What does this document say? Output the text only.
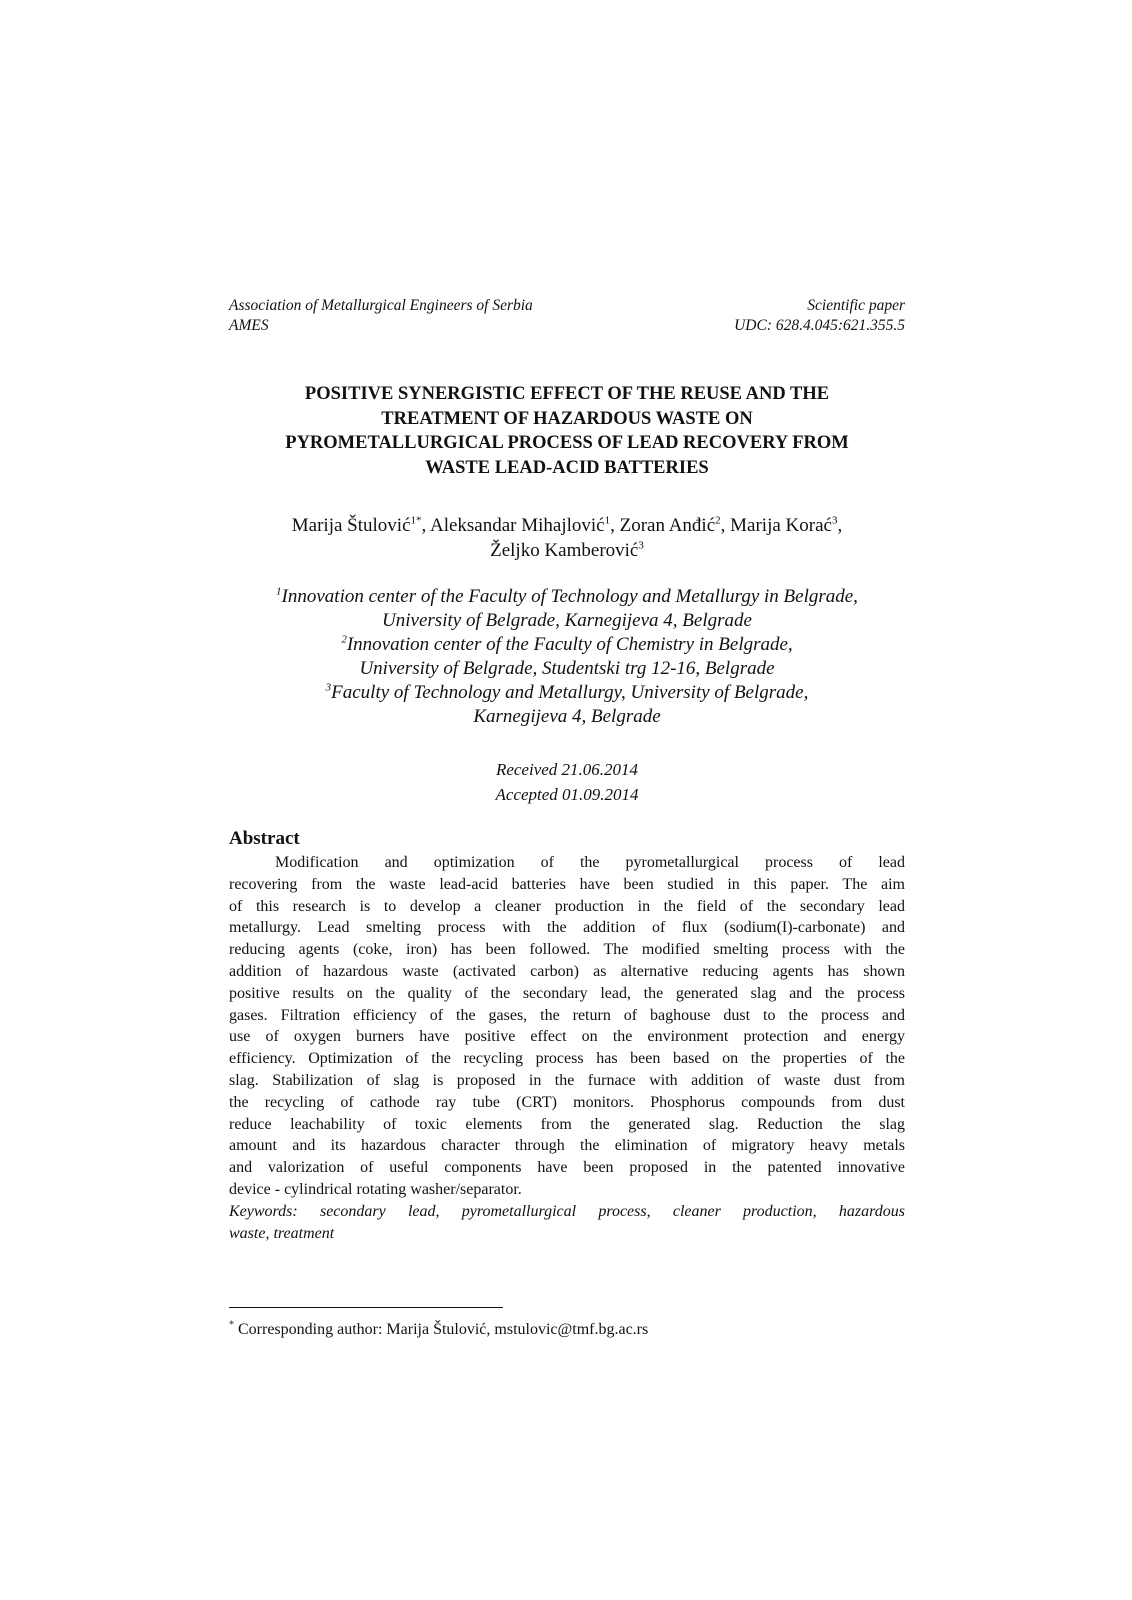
Association of Metallurgical Engineers of Serbia	Scientific paper
AMES	UDC: 628.4.045:621.355.5
POSITIVE SYNERGISTIC EFFECT OF THE REUSE AND THE
TREATMENT OF HAZARDOUS WASTE ON
PYROMETALLURGICAL PROCESS OF LEAD RECOVERY FROM
WASTE LEAD-ACID BATTERIES
Marija Štulović$^{1*}$, Aleksandar Mihajlović$^1$, Zoran Anđić$^2$, Marija Korać$^3$,
Željko Kamberović$^3$
$^1$Innovation center of the Faculty of Technology and Metallurgy in Belgrade,
University of Belgrade, Karnegijeva 4, Belgrade
$^2$Innovation center of the Faculty of Chemistry in Belgrade,
University of Belgrade, Studentski trg 12-16, Belgrade
$^3$Faculty of Technology and Metallurgy, University of Belgrade,
Karnegijeva 4, Belgrade
Received 21.06.2014
Accepted 01.09.2014
Abstract
Modification and optimization of the pyrometallurgical process of lead
recovering from the waste lead-acid batteries have been studied in this paper. The aim
of this research is to develop a cleaner production in the field of the secondary lead
metallurgy. Lead smelting process with the addition of flux (sodium(I)-carbonate) and
reducing agents (coke, iron) has been followed. The modified smelting process with the
addition of hazardous waste (activated carbon) as alternative reducing agents has shown
positive results on the quality of the secondary lead, the generated slag and the process
gases. Filtration efficiency of the gases, the return of baghouse dust to the process and
use of oxygen burners have positive effect on the environment protection and energy
efficiency. Optimization of the recycling process has been based on the properties of the
slag. Stabilization of slag is proposed in the furnace with addition of waste dust from
the recycling of cathode ray tube (CRT) monitors. Phosphorus compounds from dust
reduce leachability of toxic elements from the generated slag. Reduction the slag
amount and its hazardous character through the elimination of migratory heavy metals
and valorization of useful components have been proposed in the patented innovative
device - cylindrical rotating washer/separator.
Keywords: secondary lead, pyrometallurgical process, cleaner production, hazardous
waste, treatment
* Corresponding author: Marija Štulović, mstulovic@tmf.bg.ac.rs
